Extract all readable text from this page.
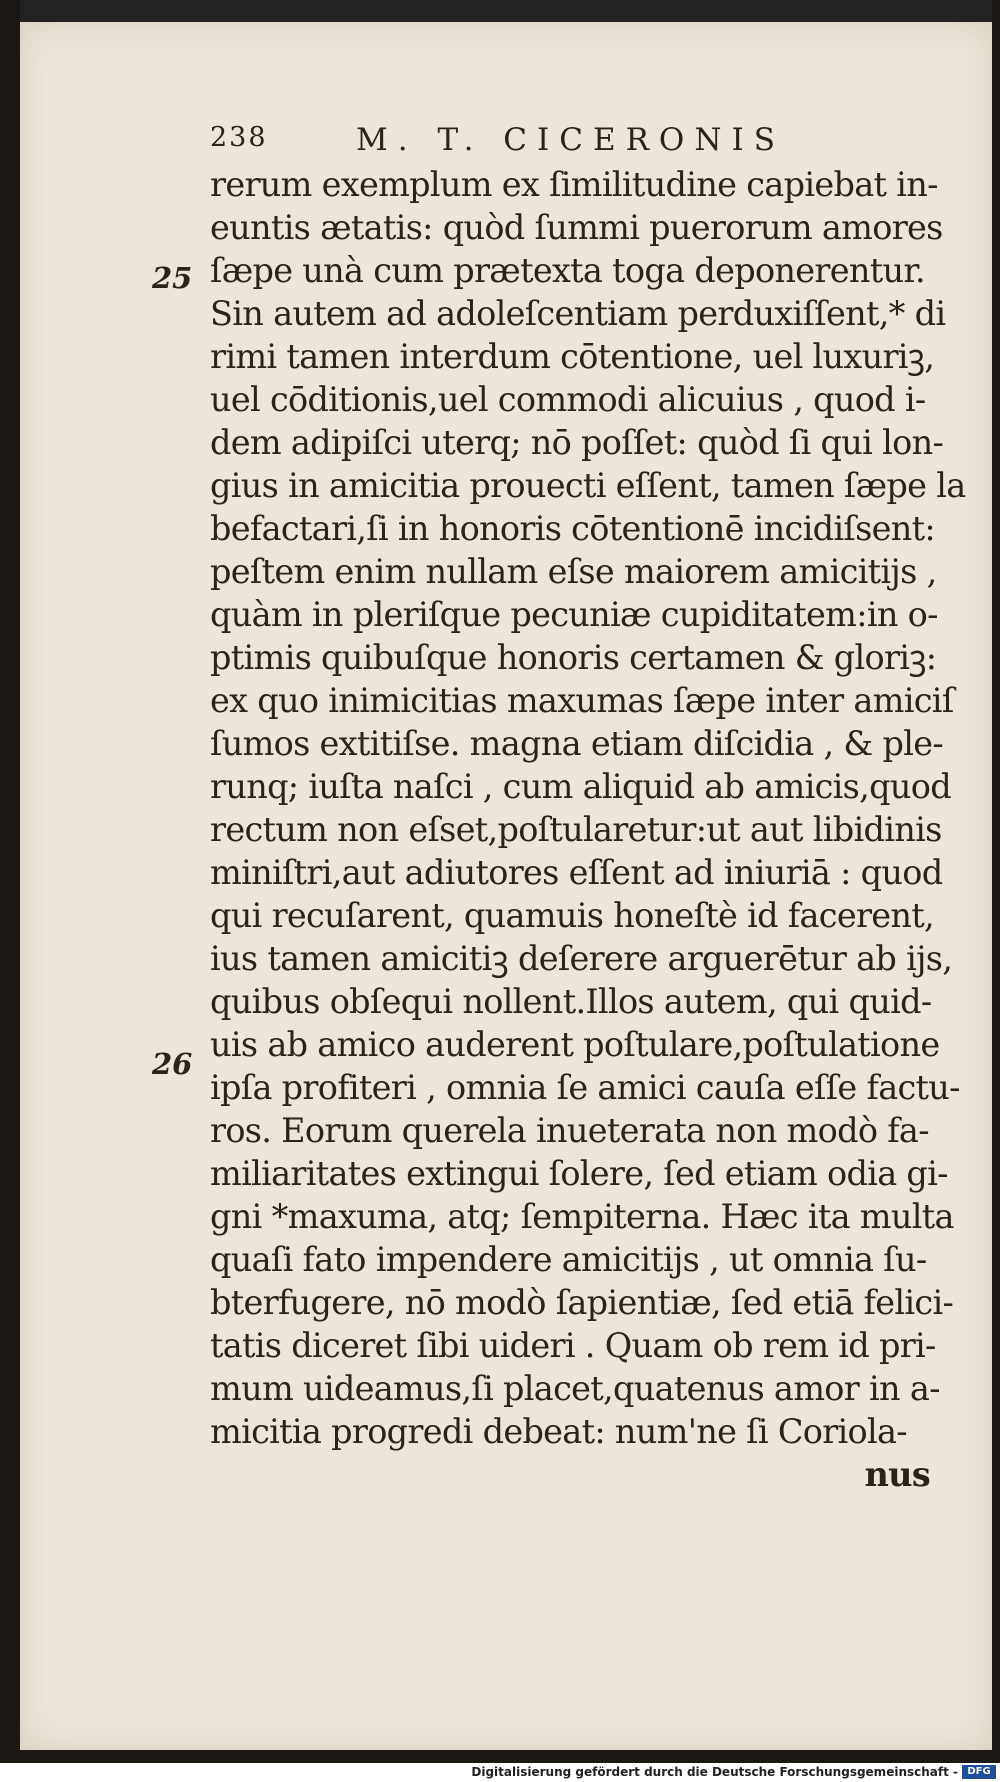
238	M. T. CICERONIS
25
26
rerum exemplum ex ſimilitudine capiebat in-
euntis ætatis: quòd ſummi puerorum amores
ſæpe unà cum prætexta toga deponerentur.
Sin autem ad adoleſcentiam perduxiſſent,* di
rimi tamen interdum cōtentione, uel luxuriꝫ,
uel cōditionis,uel commodi alicuius , quod i-
dem adipiſci uterq; nō poſſet: quòd ſi qui lon-
gius in amicitia prouecti eſſent, tamen ſæpe la
befactari,ſi in honoris cōtentionē incidiſsent:
peſtem enim nullam eſse maiorem amicitijs ,
quàm in pleriſque pecuniæ cupiditatem:in o-
ptimis quibuſque honoris certamen & gloriꝫ:
ex quo inimicitias maxumas ſæpe inter amiciſ
ſumos extitiſse. magna etiam diſcidia , & ple-
runq; iuſta naſci , cum aliquid ab amicis,quod
rectum non eſset,poſtularetur:ut aut libidinis
miniſtri,aut adiutores eſſent ad iniuriā : quod
qui recuſarent, quamuis honeſtè id facerent,
ius tamen amicitiꝫ deſerere arguerētur ab ijs,
quibus obſequi nollent.Illos autem, qui quid-
uis ab amico auderent poſtulare,poſtulatione
ipſa profiteri , omnia ſe amici cauſa eſſe factu-
ros. Eorum querela inueterata non modò fa-
miliaritates extingui ſolere, ſed etiam odia gi-
gni *maxuma, atq; ſempiterna. Hæc ita multa
quaſi fato impendere amicitijs , ut omnia ſu-
bterfugere, nō modò ſapientiæ, ſed etiā felici-
tatis diceret ſibi uideri . Quam ob rem id pri-
mum uideamus,ſi placet,quatenus amor in a-
micitia progredi debeat: num'ne ſi Coriola-
nus
Digitalisierung gefördert durch die Deutsche Forschungsgemeinschaft - DFG
